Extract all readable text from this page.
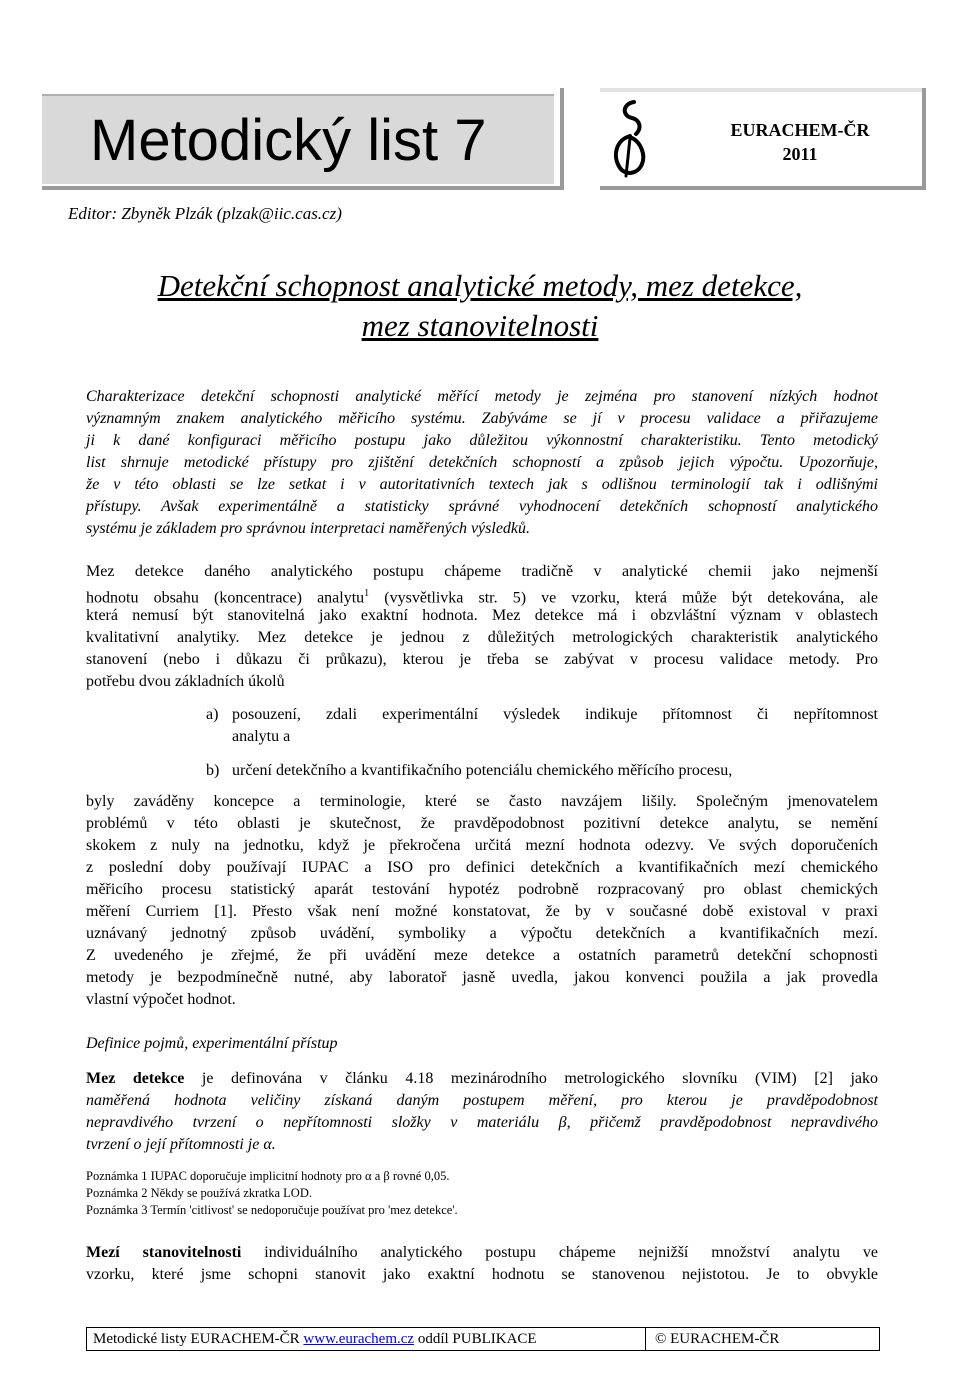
Metodický list 7	EURACHEM-ČR
2011
Editor: Zbyněk Plzák (plzak@iic.cas.cz)
Detekční schopnost analytické metody, mez detekce,
mez stanovitelnosti
Charakterizace detekční schopnosti analytické měřící metody je zejména pro stanovení nízkých hodnot
významným znakem analytického měřicího systému. Zabýváme se jí v procesu validace a přiřazujeme
ji k dané konfiguraci měřicího postupu jako důležitou výkonnostní charakteristiku. Tento metodický
list shrnuje metodické přístupy pro zjištění detekčních schopností a způsob jejich výpočtu. Upozorňuje,
že v této oblasti se lze setkat i v autoritativních textech jak s odlišnou terminologií tak i odlišnými
přístupy. Avšak experimentálně a statisticky správné vyhodnocení detekčních schopností analytického
systému je základem pro správnou interpretaci naměřených výsledků.
Mez detekce daného analytického postupu chápeme tradičně v analytické chemii jako nejmenší
hodnotu obsahu (koncentrace) analytu$^1$ (vysvětlivka str. 5) ve vzorku, která může být detekována, ale
která nemusí být stanovitelná jako exaktní hodnota. Mez detekce má i obzvláštní význam v oblastech
kvalitativní analytiky. Mez detekce je jednou z důležitých metrologických charakteristik analytického
stanovení (nebo i důkazu či průkazu), kterou je třeba se zabývat v procesu validace metody. Pro
potřebu dvou základních úkolů
a) posouzení, zdali experimentální výsledek indikuje přítomnost či nepřítomnost
analytu a
b) určení detekčního a kvantifikačního potenciálu chemického měřícího procesu,
byly zaváděny koncepce a terminologie, které se často navzájem lišily. Společným jmenovatelem
problémů v této oblasti je skutečnost, že pravděpodobnost pozitivní detekce analytu, se nemění
skokem z nuly na jednotku, když je překročena určitá mezní hodnota odezvy. Ve svých doporučeních
z poslední doby používají IUPAC a ISO pro definici detekčních a kvantifikačních mezí chemického
měřicího procesu statistický aparát testování hypotéz podrobně rozpracovaný pro oblast chemických
měření Curriem [1]. Přesto však není možné konstatovat, že by v současné době existoval v praxi
uznávaný jednotný způsob uvádění, symboliky a výpočtu detekčních a kvantifikačních mezí.
Z uvedeného je zřejmé, že při uvádění meze detekce a ostatních parametrů detekční schopnosti
metody je bezpodmínečně nutné, aby laboratoř jasně uvedla, jakou konvenci použila a jak provedla
vlastní výpočet hodnot.
Definice pojmů, experimentální přístup
Mez detekce je definována v článku 4.18 mezinárodního metrologického slovníku (VIM) [2] jako
naměřená hodnota veličiny získaná daným postupem měření, pro kterou je pravděpodobnost
nepravdivého tvrzení o nepřítomnosti složky v materiálu β, přičemž pravděpodobnost nepravdivého
tvrzení o její přítomnosti je α.
Poznámka 1 IUPAC doporučuje implicitní hodnoty pro α a β rovné 0,05.
Poznámka 2 Někdy se používá zkratka LOD.
Poznámka 3 Termín 'citlivost' se nedoporučuje používat pro 'mez detekce'.
Mezí stanovitelnosti individuálního analytického postupu chápeme nejnižší množství analytu ve
vzorku, které jsme schopni stanovit jako exaktní hodnotu se stanovenou nejistotou. Je to obvykle
Metodické listy EURACHEM-ČR www.eurachem.cz oddíl PUBLIKACE	© EURACHEM-ČR
